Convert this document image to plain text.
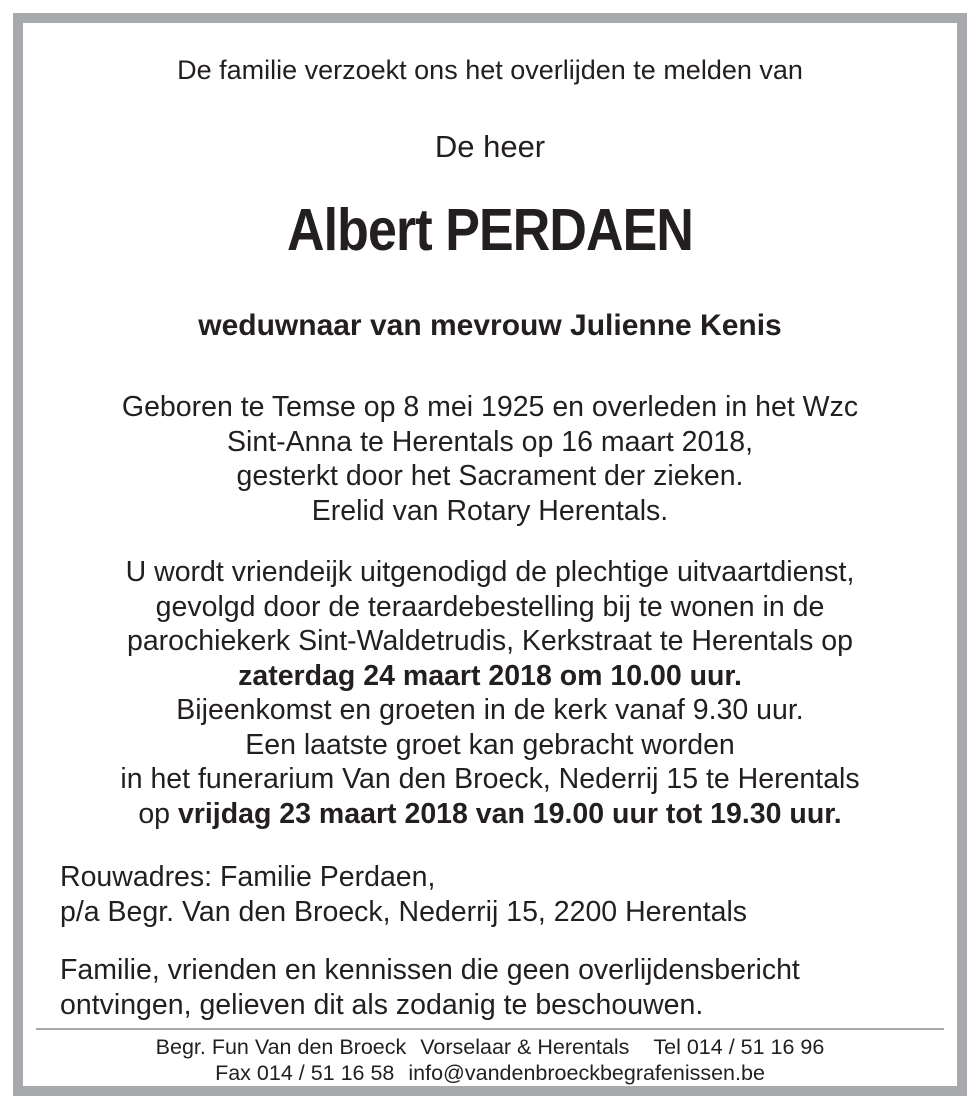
De familie verzoekt ons het overlijden te melden van
De heer
Albert PERDAEN
weduwnaar van mevrouw Julienne Kenis
Geboren te Temse op 8 mei 1925 en overleden in het Wzc
Sint-Anna te Herentals op 16 maart 2018,
gesterkt door het Sacrament der zieken.
Erelid van Rotary Herentals.
U wordt vriendeijk uitgenodigd de plechtige uitvaartdienst,
gevolgd door de teraardebestelling bij te wonen in de
parochiekerk Sint-Waldetrudis, Kerkstraat te Herentals op
zaterdag 24 maart 2018 om 10.00 uur.
Bijeenkomst en groeten in de kerk vanaf 9.30 uur.
Een laatste groet kan gebracht worden
in het funerarium Van den Broeck, Nederrij 15 te Herentals
op vrijdag 23 maart 2018 van 19.00 uur tot 19.30 uur.
Rouwadres: Familie Perdaen,
p/a Begr. Van den Broeck, Nederrij 15, 2200 Herentals
Familie, vrienden en kennissen die geen overlijdensbericht
ontvingen, gelieven dit als zodanig te beschouwen.
Begr. Fun Van den Broeck Vorselaar & Herentals Tel 014 / 51 16 96
Fax 014 / 51 16 58 info@vandenbroeckbegrafenissen.be
